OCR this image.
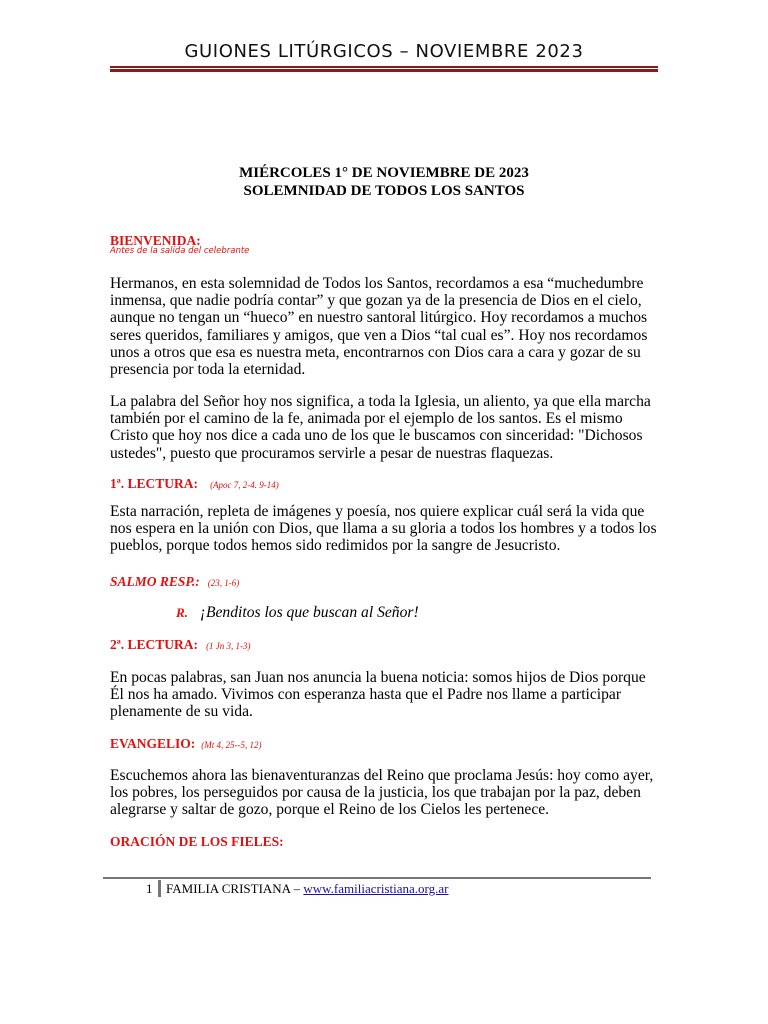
GUIONES LITÚRGICOS – NOVIEMBRE 2023
MIÉRCOLES 1° DE NOVIEMBRE DE 2023
SOLEMNIDAD DE TODOS LOS SANTOS
BIENVENIDA:
Antes de la salida del celebrante
Hermanos, en esta solemnidad de Todos los Santos, recordamos a esa “muchedumbre
inmensa, que nadie podría contar” y que gozan ya de la presencia de Dios en el cielo,
aunque no tengan un “hueco” en nuestro santoral litúrgico. Hoy recordamos a muchos
seres queridos, familiares y amigos, que ven a Dios “tal cual es”. Hoy nos recordamos
unos a otros que esa es nuestra meta, encontrarnos con Dios cara a cara y gozar de su
presencia por toda la eternidad.
La palabra del Señor hoy nos significa, a toda la Iglesia, un aliento, ya que ella marcha
también por el camino de la fe, animada por el ejemplo de los santos. Es el mismo
Cristo que hoy nos dice a cada uno de los que le buscamos con sinceridad: "Dichosos
ustedes", puesto que procuramos servirle a pesar de nuestras flaquezas.
1ª. LECTURA: (Apoc 7, 2-4. 9-14)
Esta narración, repleta de imágenes y poesía, nos quiere explicar cuál será la vida que
nos espera en la unión con Dios, que llama a su gloria a todos los hombres y a todos los
pueblos, porque todos hemos sido redimidos por la sangre de Jesucristo.
SALMO RESP.: (23, 1-6)
R. ¡Benditos los que buscan al Señor!
2ª. LECTURA: (1 Jn 3, 1-3)
En pocas palabras, san Juan nos anuncia la buena noticia: somos hijos de Dios porque
Él nos ha amado. Vivimos con esperanza hasta que el Padre nos llame a participar
plenamente de su vida.
EVANGELIO: (Mt 4, 25--5, 12)
Escuchemos ahora las bienaventuranzas del Reino que proclama Jesús: hoy como ayer,
los pobres, los perseguidos por causa de la justicia, los que trabajan por la paz, deben
alegrarse y saltar de gozo, porque el Reino de los Cielos les pertenece.
ORACIÓN DE LOS FIELES:
1 FAMILIA CRISTIANA – www.familiacristiana.org.ar
